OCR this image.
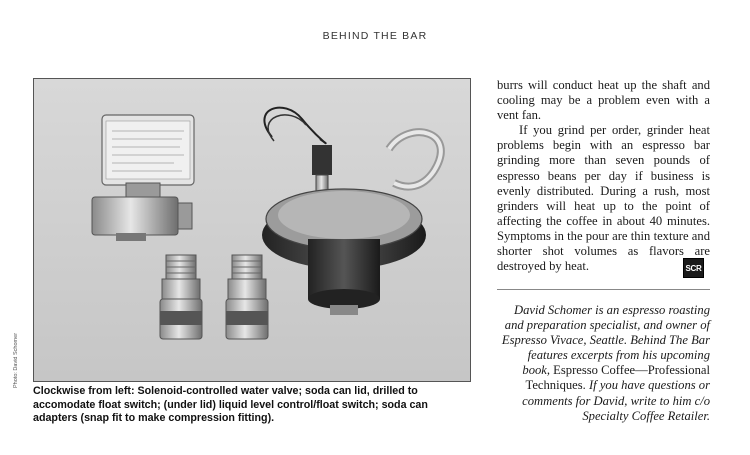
BEHIND THE BAR
Photo: David Schomer
Clockwise from left: Solenoid-controlled water valve; soda can lid, drilled to accomodate float switch; (under lid) liquid level control/float switch; soda can adapters (snap fit to make compression fitting).

burrs will conduct heat up the shaft and cooling may be a problem even with a vent fan.

If you grind per order, grinder heat problems begin with an espresso bar grinding more than seven pounds of espresso beans per day if business is evenly distributed. During a rush, most grinders will heat up to the point of affecting the coffee in about 40 minutes. Symptoms in the pour are thin texture and shorter shot volumes as flavors are destroyed by heat.	SCR
David Schomer is an espresso roasting and preparation specialist, and owner of Espresso Vivace, Seattle. Behind The Bar features excerpts from his upcoming book, Espresso Coffee—Professional Techniques. If you have questions or comments for David, write to him c/o Specialty Coffee Retailer.
